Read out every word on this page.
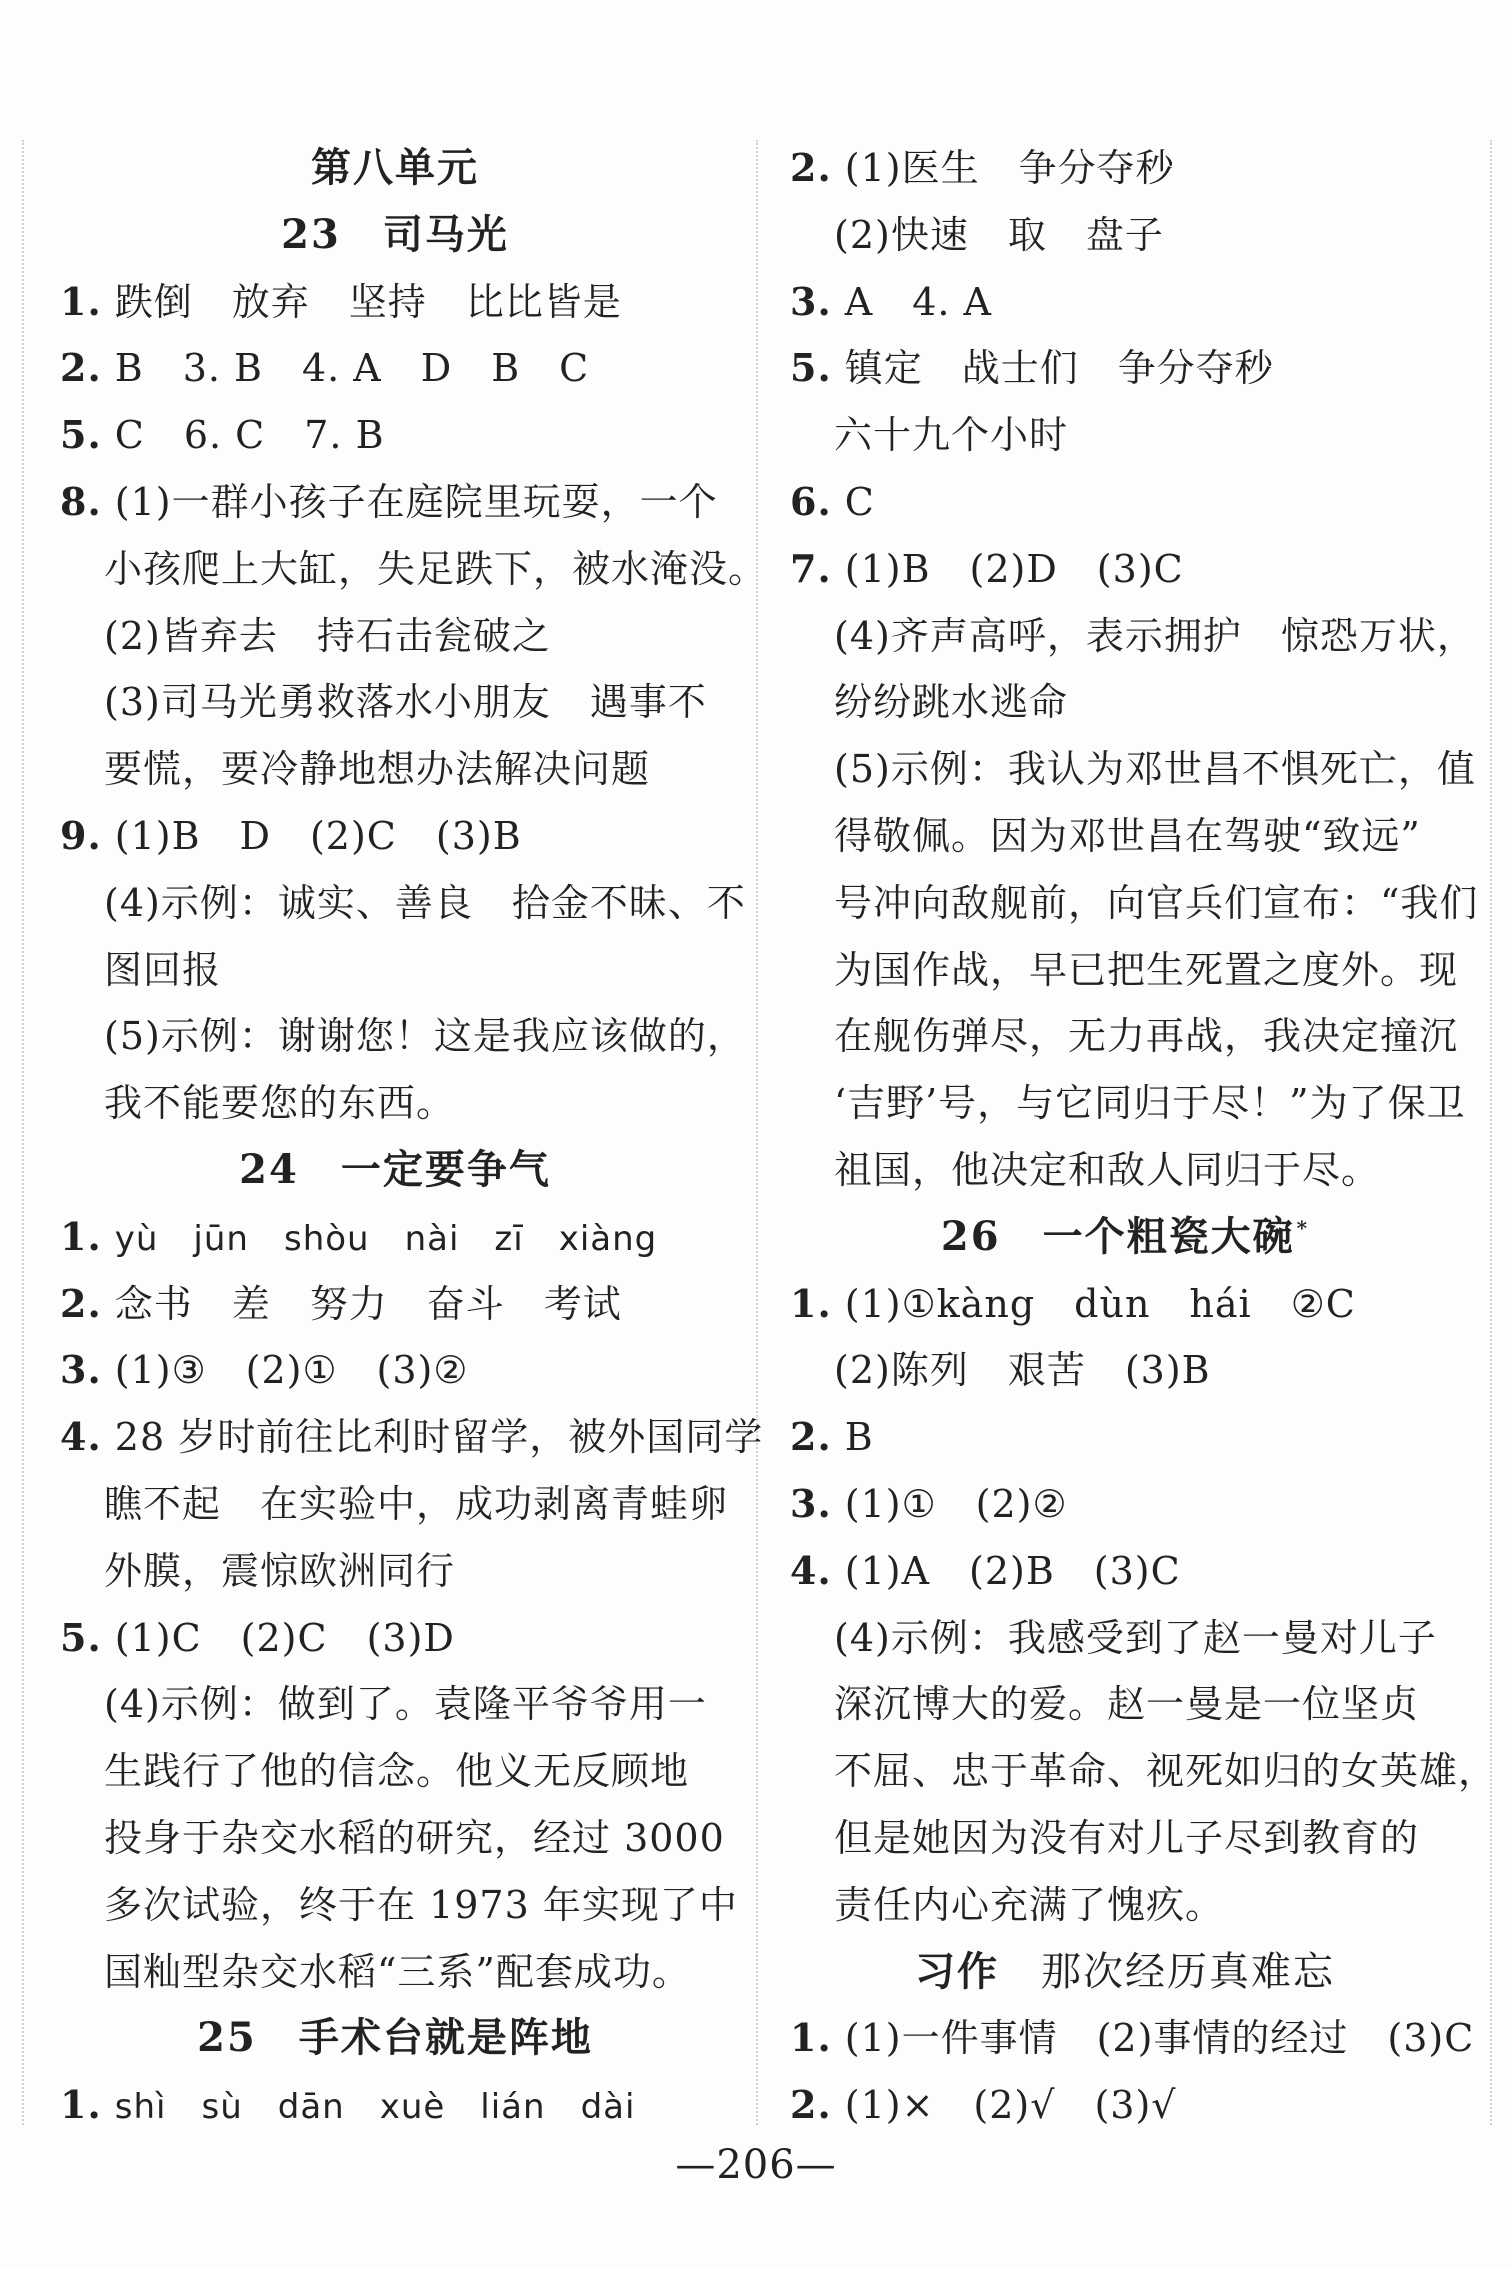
第八单元
23　司马光
1. 跌倒　放弃　坚持　比比皆是
2. B　3. B　4. A　D　B　C
5. C　6. C　7. B
8. (1)一群小孩子在庭院里玩耍，一个
小孩爬上大缸，失足跌下，被水淹没。
(2)皆弃去　持石击瓮破之
(3)司马光勇救落水小朋友　遇事不
要慌，要冷静地想办法解决问题
9. (1)B　D　(2)C　(3)B
(4)示例：诚实、善良　拾金不昧、不
图回报
(5)示例：谢谢您！这是我应该做的，
我不能要您的东西。
24　一定要争气
1. yù　jūn　shòu　nài　zī　xiàng
2. 念书　差　努力　奋斗　考试
3. (1)③　(2)①　(3)②
4. 28 岁时前往比利时留学，被外国同学
瞧不起　在实验中，成功剥离青蛙卵
外膜，震惊欧洲同行
5. (1)C　(2)C　(3)D
(4)示例：做到了。袁隆平爷爷用一
生践行了他的信念。他义无反顾地
投身于杂交水稻的研究，经过 3000
多次试验，终于在 1973 年实现了中
国籼型杂交水稻“三系”配套成功。
25　手术台就是阵地
1. shì　sù　dān　xuè　lián　dài
2. (1)医生　争分夺秒
(2)快速　取　盘子
3. A　4. A
5. 镇定　战士们　争分夺秒
六十九个小时
6. C
7. (1)B　(2)D　(3)C
(4)齐声高呼，表示拥护　惊恐万状，
纷纷跳水逃命
(5)示例：我认为邓世昌不惧死亡，值
得敬佩。因为邓世昌在驾驶“致远”
号冲向敌舰前，向官兵们宣布：“我们
为国作战，早已把生死置之度外。现
在舰伤弹尽，无力再战，我决定撞沉
‘吉野’号，与它同归于尽！”为了保卫
祖国，他决定和敌人同归于尽。
26　一个粗瓷大碗 *
1. (1)①kàng　dùn　hái　②C
(2)陈列　艰苦　(3)B
2. B
3. (1)①　(2)②
4. (1)A　(2)B　(3)C
(4)示例：我感受到了赵一曼对儿子
深沉博大的爱。赵一曼是一位坚贞
不屈、忠于革命、视死如归的女英雄，
但是她因为没有对儿子尽到教育的
责任内心充满了愧疚。
习作　那次经历真难忘
1. (1)一件事情　(2)事情的经过　(3)C
2. (1)×　(2)√　(3)√
—206—
